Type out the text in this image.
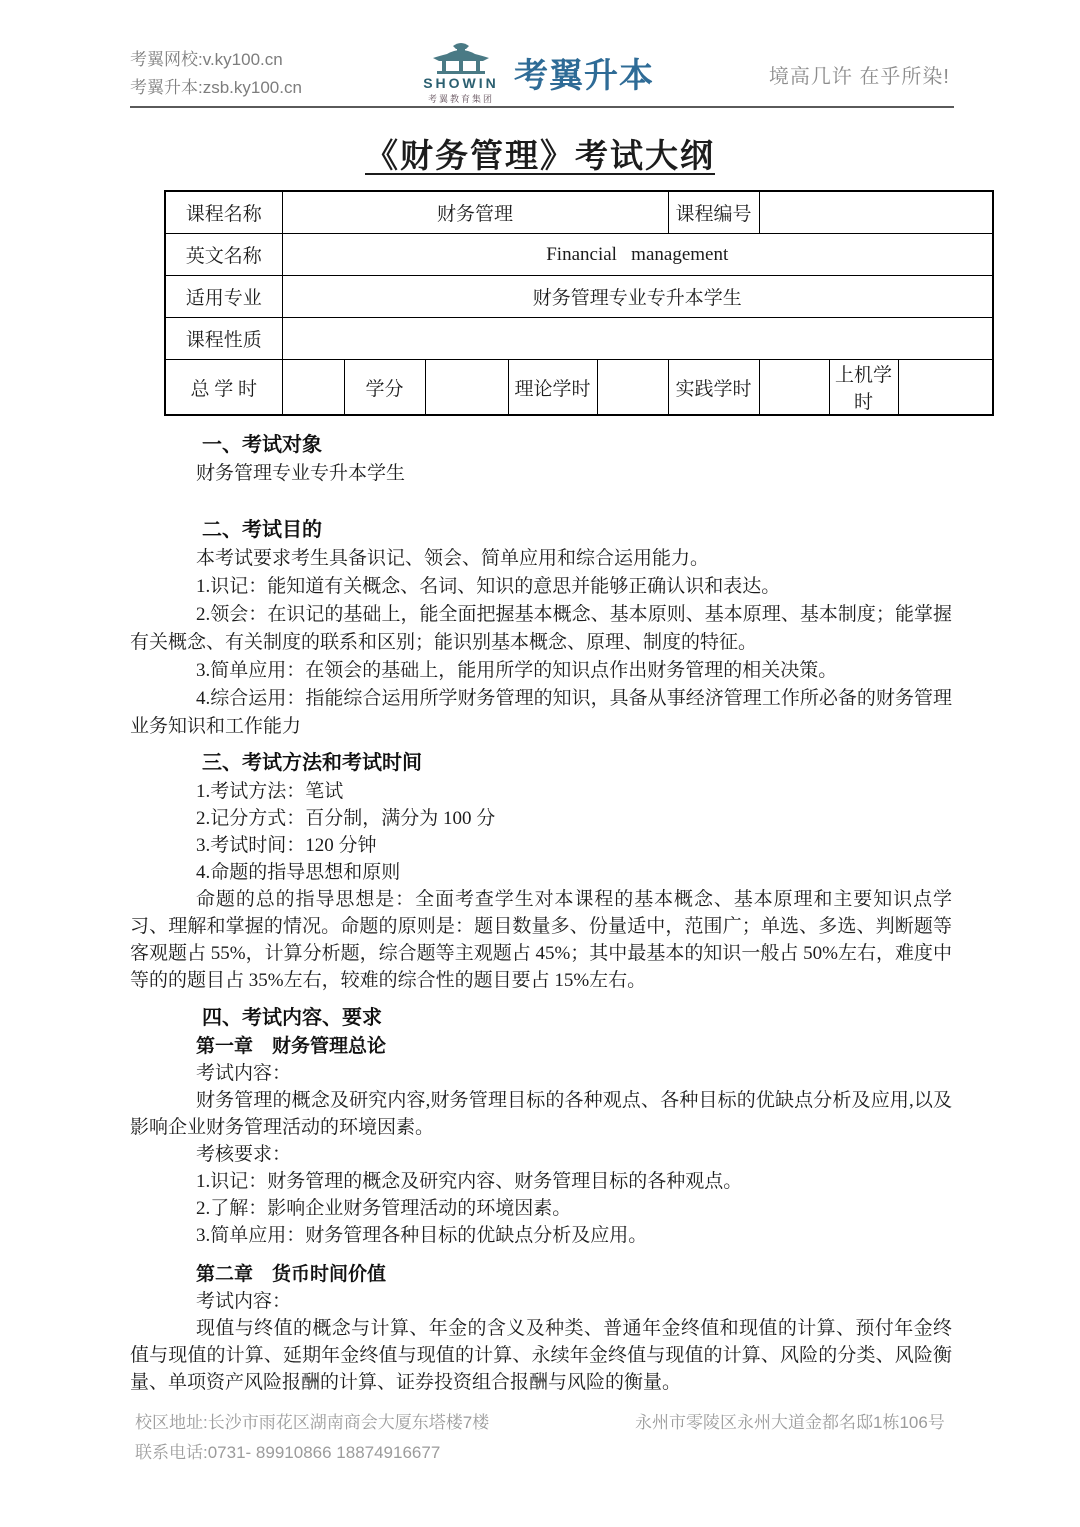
考翼网校:v.ky100.cn
考翼升本:zsb.ky100.cn	SHOWIN
考翼教育集团
考翼升本	境高几许 在乎所染!
《财务管理》考试大纲
课程名称	财务管理					课程编号			
英文名称	Financial   management								
适用专业	财务管理专业专升本学生								
课程性质									
总 学 时		学分		理论学时		实践学时		上机学时	
一、考试对象

财务管理专业专升本学生

二、考试目的

本考试要求考生具备识记、领会、简单应用和综合运用能力。

1.识记：能知道有关概念、名词、知识的意思并能够正确认识和表达。

2.领会：在识记的基础上，能全面把握基本概念、基本原则、基本原理、基本制度；能掌握有关概念、有关制度的联系和区别；能识别基本概念、原理、制度的特征。

3.简单应用：在领会的基础上，能用所学的知识点作出财务管理的相关决策。

4.综合运用：指能综合运用所学财务管理的知识，具备从事经济管理工作所必备的财务管理业务知识和工作能力

三、考试方法和考试时间

1.考试方法：笔试

2.记分方式：百分制，满分为 100 分

3.考试时间：120 分钟

4.命题的指导思想和原则

命题的总的指导思想是：全面考查学生对本课程的基本概念、基本原理和主要知识点学习、理解和掌握的情况。命题的原则是：题目数量多、份量适中，范围广；单选、多选、判断题等客观题占 55%，计算分析题，综合题等主观题占 45%；其中最基本的知识一般占 50%左右，难度中等的的题目占 35%左右，较难的综合性的题目要占 15%左右。

四、考试内容、要求
第一章　财务管理总论

考试内容：

财务管理的概念及研究内容,财务管理目标的各种观点、各种目标的优缺点分析及应用,以及影响企业财务管理活动的环境因素。

考核要求：

1.识记：财务管理的概念及研究内容、财务管理目标的各种观点。

2.了解：影响企业财务管理活动的环境因素。

3.简单应用：财务管理各种目标的优缺点分析及应用。

第二章　货币时间价值

考试内容：

现值与终值的概念与计算、年金的含义及种类、普通年金终值和现值的计算、预付年金终值与现值的计算、延期年金终值与现值的计算、永续年金终值与现值的计算、风险的分类、风险衡量、单项资产风险报酬的计算、证券投资组合报酬与风险的衡量。

校区地址:长沙市雨花区湖南商会大厦东塔楼7楼
联系电话:0731- 89910866 18874916677
永州市零陵区永州大道金都名邸1栋106号
